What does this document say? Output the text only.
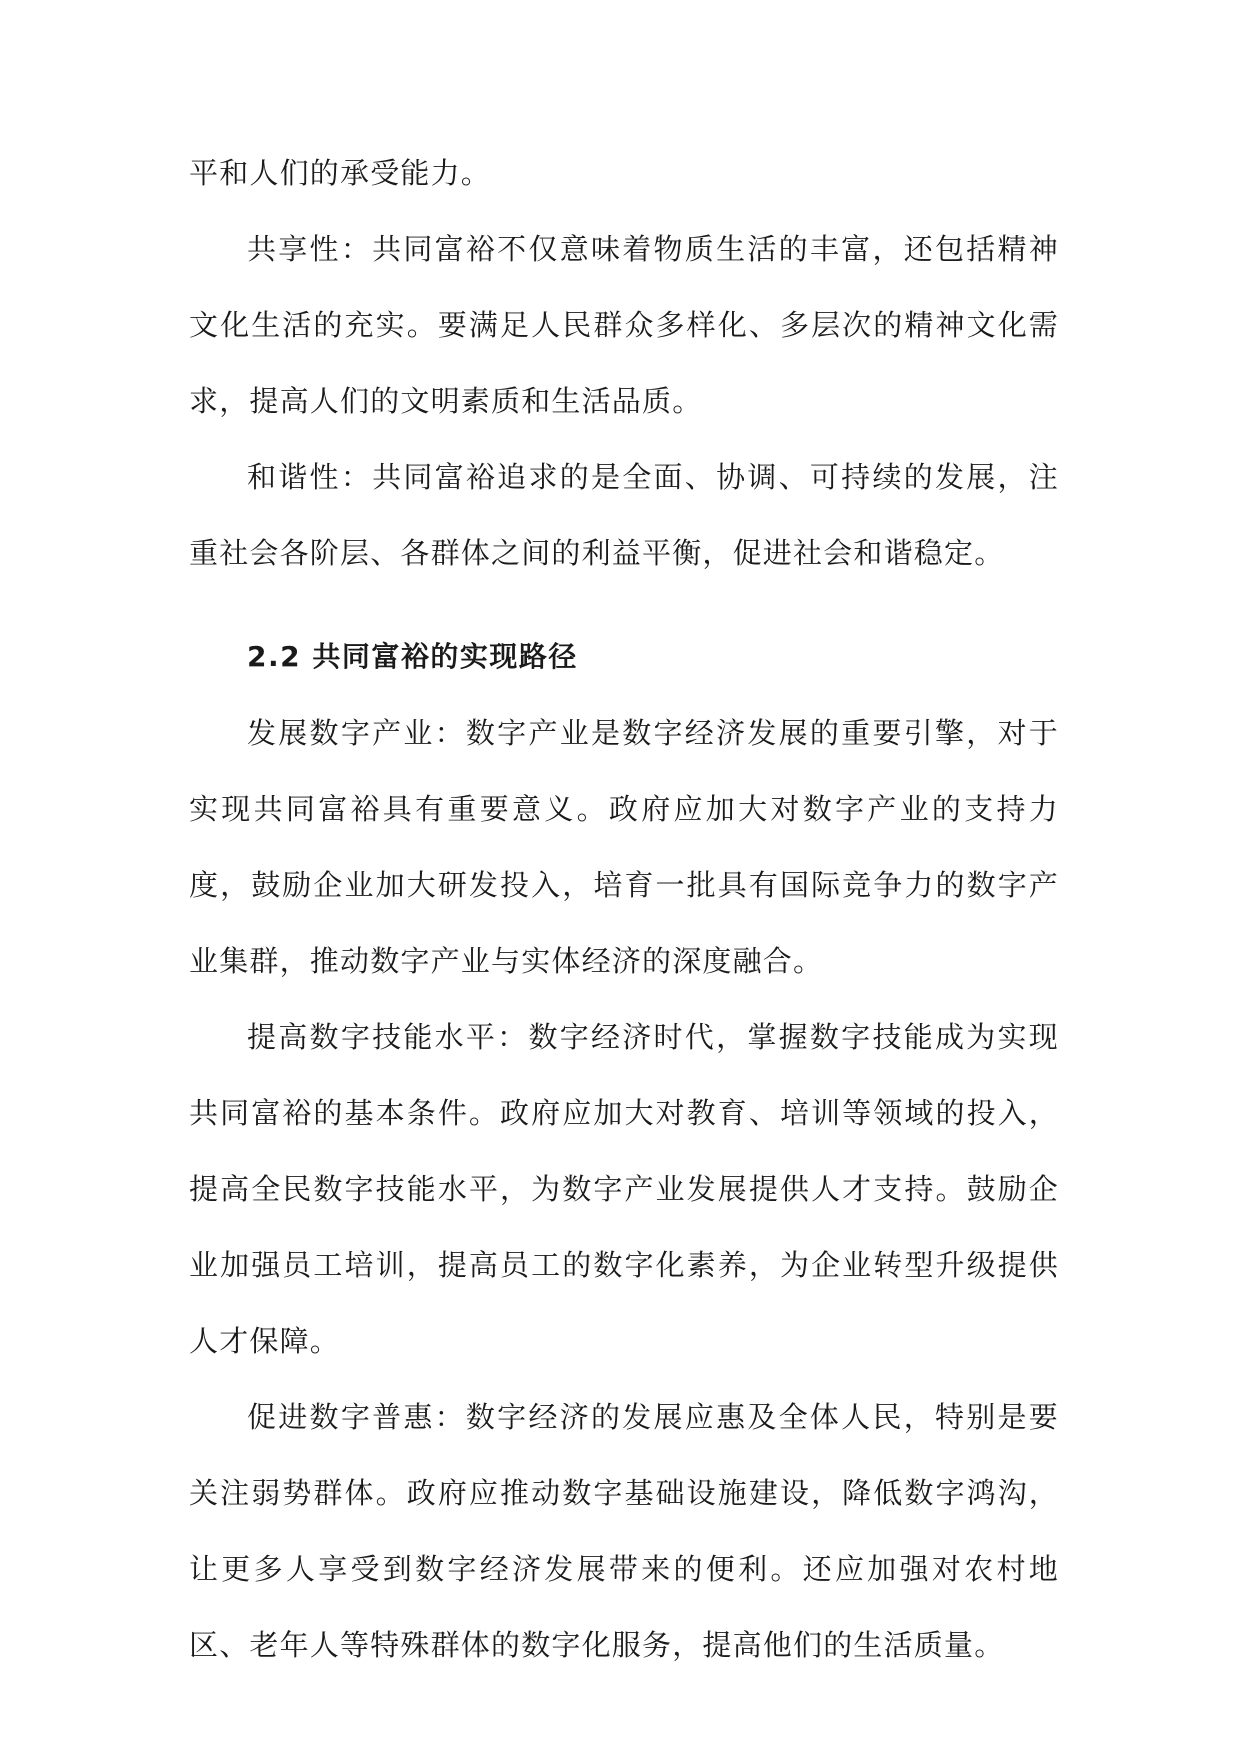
平和人们的承受能力。

共享性：共同富裕不仅意味着物质生活的丰富，还包括精神文化生活的充实。要满足人民群众多样化、多层次的精神文化需求，提高人们的文明素质和生活品质。

和谐性：共同富裕追求的是全面、协调、可持续的发展，注重社会各阶层、各群体之间的利益平衡，促进社会和谐稳定。

2.2 共同富裕的实现路径

发展数字产业：数字产业是数字经济发展的重要引擎，对于实现共同富裕具有重要意义。政府应加大对数字产业的支持力度，鼓励企业加大研发投入，培育一批具有国际竞争力的数字产业集群，推动数字产业与实体经济的深度融合。

提高数字技能水平：数字经济时代，掌握数字技能成为实现共同富裕的基本条件。政府应加大对教育、培训等领域的投入，提高全民数字技能水平，为数字产业发展提供人才支持。鼓励企业加强员工培训，提高员工的数字化素养，为企业转型升级提供人才保障。

促进数字普惠：数字经济的发展应惠及全体人民，特别是要关注弱势群体。政府应推动数字基础设施建设，降低数字鸿沟，让更多人享受到数字经济发展带来的便利。还应加强对农村地区、老年人等特殊群体的数字化服务，提高他们的生活质量。
